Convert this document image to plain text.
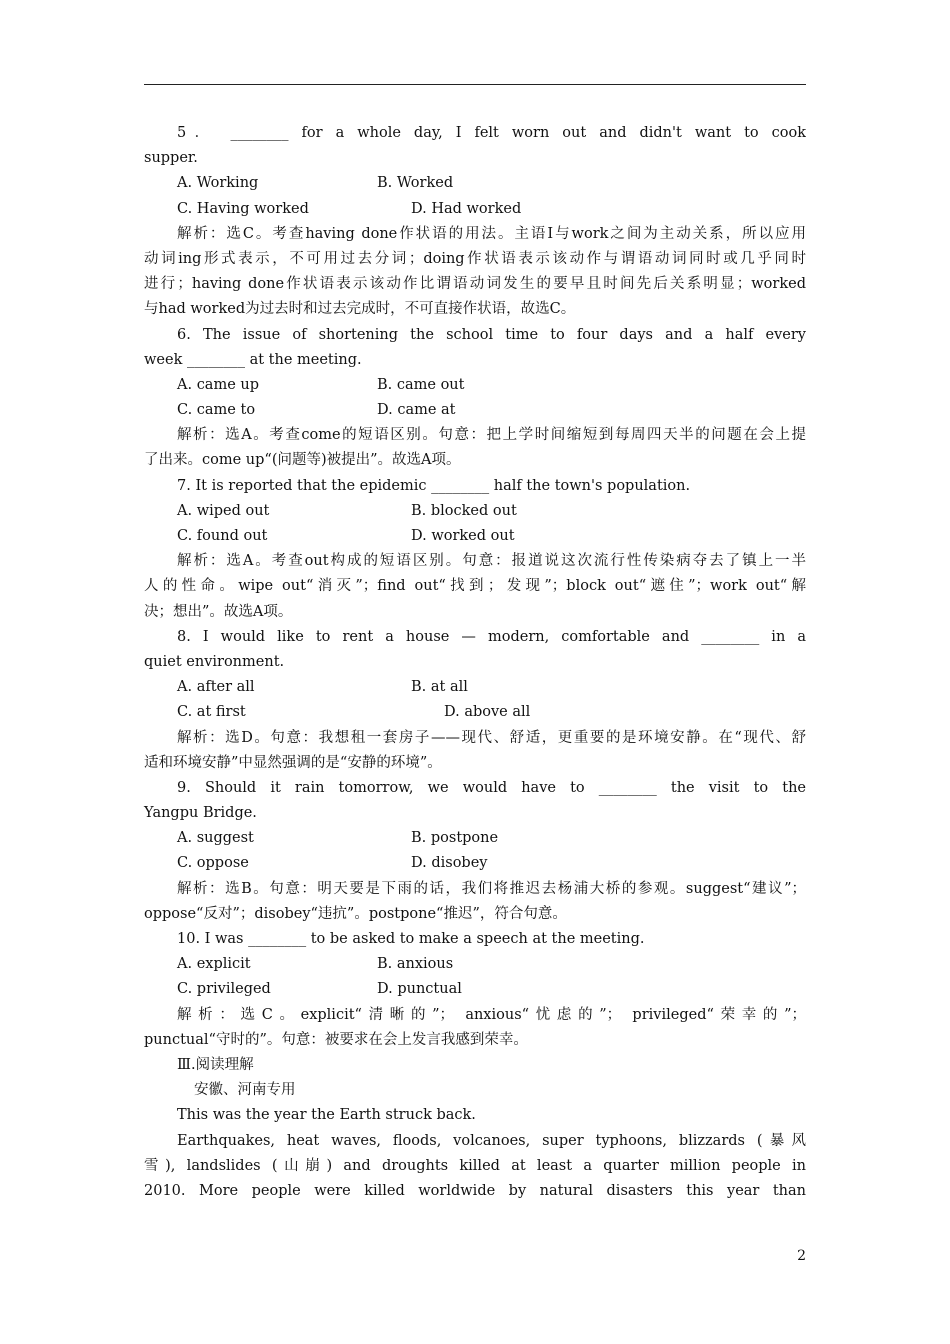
5． ________ for a whole day, I felt worn out and didn't want to cook
supper.
A. Working	B. Worked
C. Having worked	D. Had worked
解析：选C。考查having done作状语的用法。主语I与work之间为主动关系，所以应用
动词ing形式表示，不可用过去分词；doing作状语表示该动作与谓语动词同时或几乎同时
进行；having done作状语表示该动作比谓语动词发生的要早且时间先后关系明显；worked
与had worked为过去时和过去完成时，不可直接作状语，故选C。
6. The issue of shortening the school time to four days and a half every
week ________ at the meeting.
A. came up	B. came out
C. came to	D. came at
解析：选A。考查come的短语区别。句意：把上学时间缩短到每周四天半的问题在会上提
了出来。come up“(问题等)被提出”。故选A项。
7. It is reported that the epidemic ________ half the town's population.
A. wiped out	B. blocked out
C. found out	D. worked out
解析：选A。考查out构成的短语区别。句意：报道说这次流行性传染病夺去了镇上一半
人的性命。wipe out“消灭”；find out“找到；发现”；block out“遮住”；work out“解
决；想出”。故选A项。
8. I would like to rent a house — modern, comfortable and ________ in a
quiet environment.
A. after all	B. at all
C. at first	D. above all
解析：选D。句意：我想租一套房子——现代、舒适，更重要的是环境安静。在“现代、舒
适和环境安静”中显然强调的是“安静的环境”。
9. Should it rain tomorrow, we would have to ________ the visit to the
Yangpu Bridge.
A. suggest	B. postpone
C. oppose	D. disobey
解析：选B。句意：明天要是下雨的话，我们将推迟去杨浦大桥的参观。suggest“建议”；
oppose“反对”；disobey“违抗”。postpone“推迟”，符合句意。
10. I was ________ to be asked to make a speech at the meeting.
A. explicit	B. anxious
C. privileged	D. punctual
解析：选C。explicit“清晰的”； anxious“忧虑的”； privileged“荣幸的”；
punctual“守时的”。句意：被要求在会上发言我感到荣幸。
Ⅲ.阅读理解
安徽、河南专用
This was the year the Earth struck back.
Earthquakes, heat waves, floods, volcanoes, super typhoons, blizzards (暴风
雪), landslides (山崩) and droughts killed at least a quarter million people in
2010. More people were killed worldwide by natural disasters this year than
2
